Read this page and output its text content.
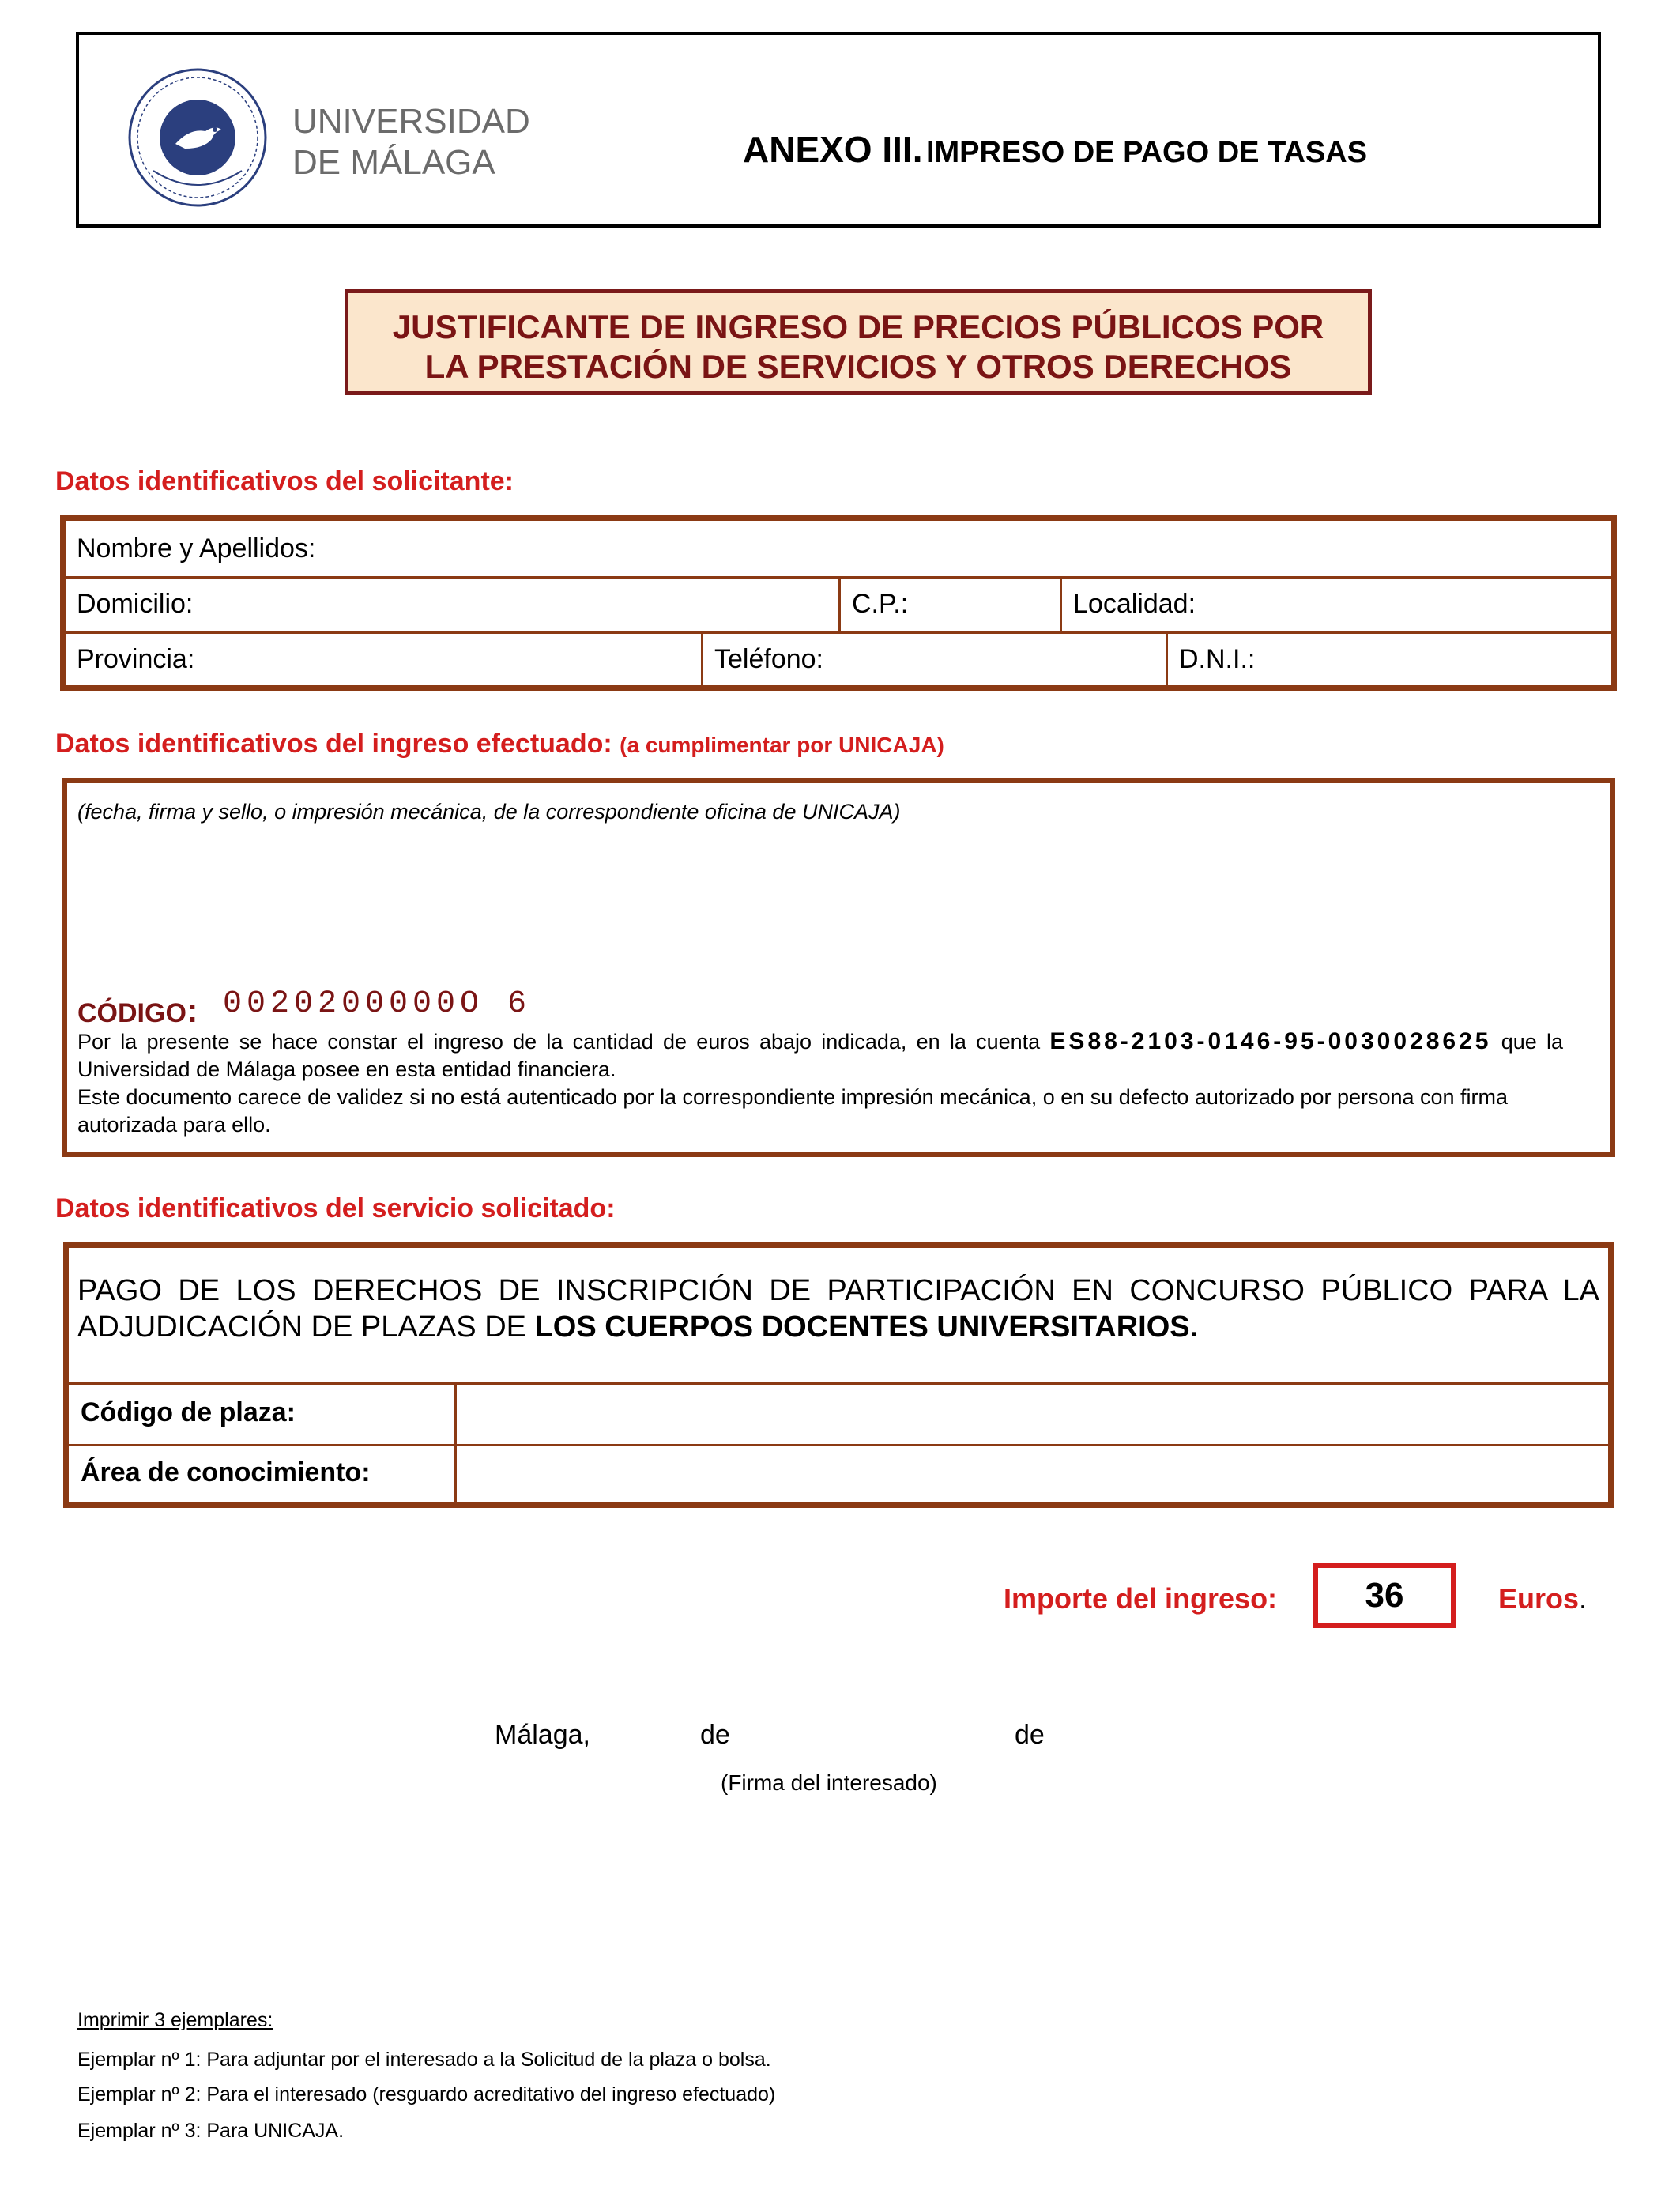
UNIVERSIDAD
DE MÁLAGA	ANEXO III. IMPRESO DE PAGO DE TASAS
JUSTIFICANTE DE INGRESO DE PRECIOS PÚBLICOS POR
LA PRESTACIÓN DE SERVICIOS Y OTROS DERECHOS
Datos identificativos del solicitante:
Nombre y Apellidos:
Domicilio:	C.P.:	Localidad:
Provincia:	Teléfono:	D.N.I.:
Datos identificativos del ingreso efectuado: (a cumplimentar por UNICAJA)
(fecha, firma y sello, o impresión mecánica, de la correspondiente oficina de UNICAJA)
CÓDIGO: 0020200000O 6
Por la presente se hace constar el ingreso de la cantidad de euros abajo indicada, en la cuenta ES88-2103-0146-95-0030028625 que la Universidad de Málaga posee en esta entidad financiera.
Este documento carece de validez si no está autenticado por la correspondiente impresión mecánica, o en su defecto autorizado por persona con firma autorizada para ello.
Datos identificativos del servicio solicitado:
PAGO DE LOS DERECHOS DE INSCRIPCIÓN DE PARTICIPACIÓN EN CONCURSO PÚBLICO PARA LA ADJUDICACIÓN DE PLAZAS DE LOS CUERPOS DOCENTES UNIVERSITARIOS.
Código de plaza:
Área de conocimiento:
Importe del ingreso:	36	Euros.
Málaga,	de	de
(Firma del interesado)
Imprimir 3 ejemplares:
Ejemplar nº 1: Para adjuntar por el interesado a la Solicitud de la plaza o bolsa.
Ejemplar nº 2: Para el interesado (resguardo acreditativo del ingreso efectuado)
Ejemplar nº 3: Para UNICAJA.
